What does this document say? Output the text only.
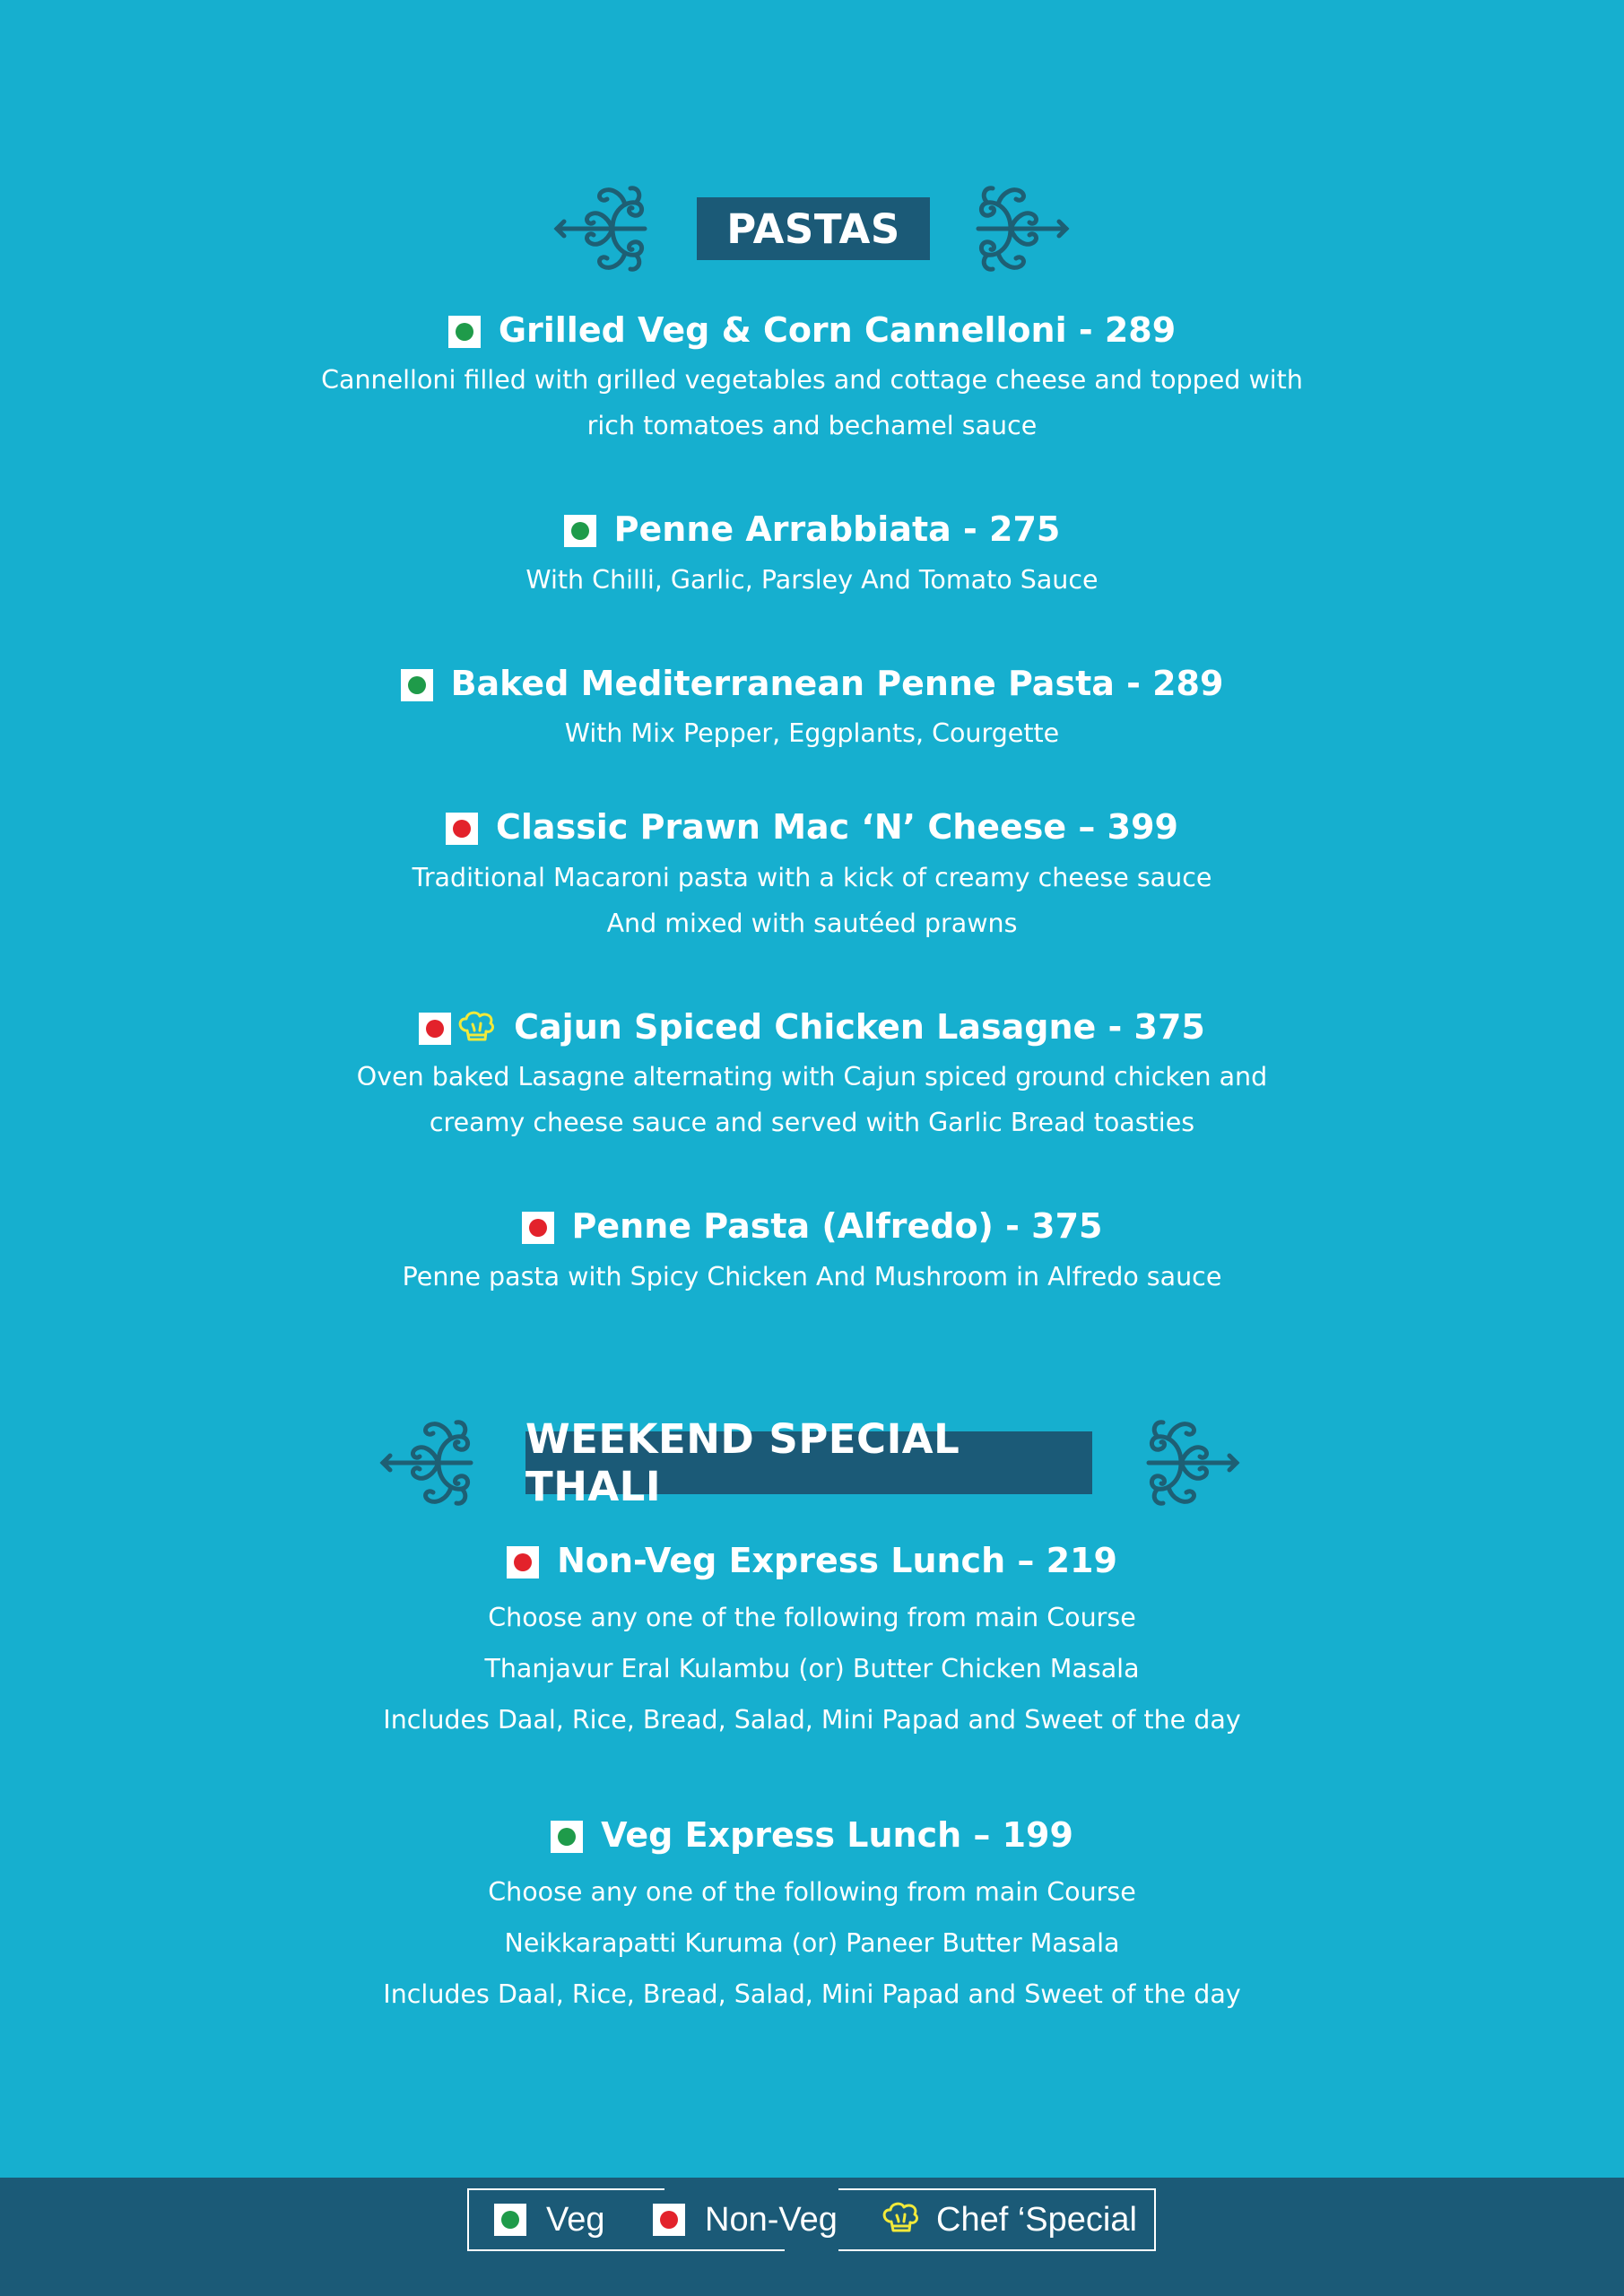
PASTAS
Grilled Veg & Corn Cannelloni - 289
Cannelloni filled with grilled vegetables and cottage cheese and topped with
rich tomatoes and bechamel sauce
Penne Arrabbiata - 275
With Chilli, Garlic, Parsley And Tomato Sauce
Baked Mediterranean Penne Pasta - 289
With Mix Pepper, Eggplants, Courgette
Classic Prawn Mac ‘N’ Cheese – 399
Traditional Macaroni pasta with a kick of creamy cheese sauce
And mixed with sautéed prawns
Cajun Spiced Chicken Lasagne - 375
Oven baked Lasagne alternating with Cajun spiced ground chicken and
creamy cheese sauce and served with Garlic Bread toasties
Penne Pasta (Alfredo) - 375
Penne pasta with Spicy Chicken And Mushroom in Alfredo sauce
WEEKEND SPECIAL THALI
Non-Veg Express Lunch – 219
Choose any one of the following from main Course
Thanjavur Eral Kulambu (or) Butter Chicken Masala
Includes Daal, Rice, Bread, Salad, Mini Papad and Sweet of the day
Veg Express Lunch – 199
Choose any one of the following from main Course
Neikkarapatti Kuruma (or) Paneer Butter Masala
Includes Daal, Rice, Bread, Salad, Mini Papad and Sweet of the day
Veg	Non-Veg	Chef ‘Special
